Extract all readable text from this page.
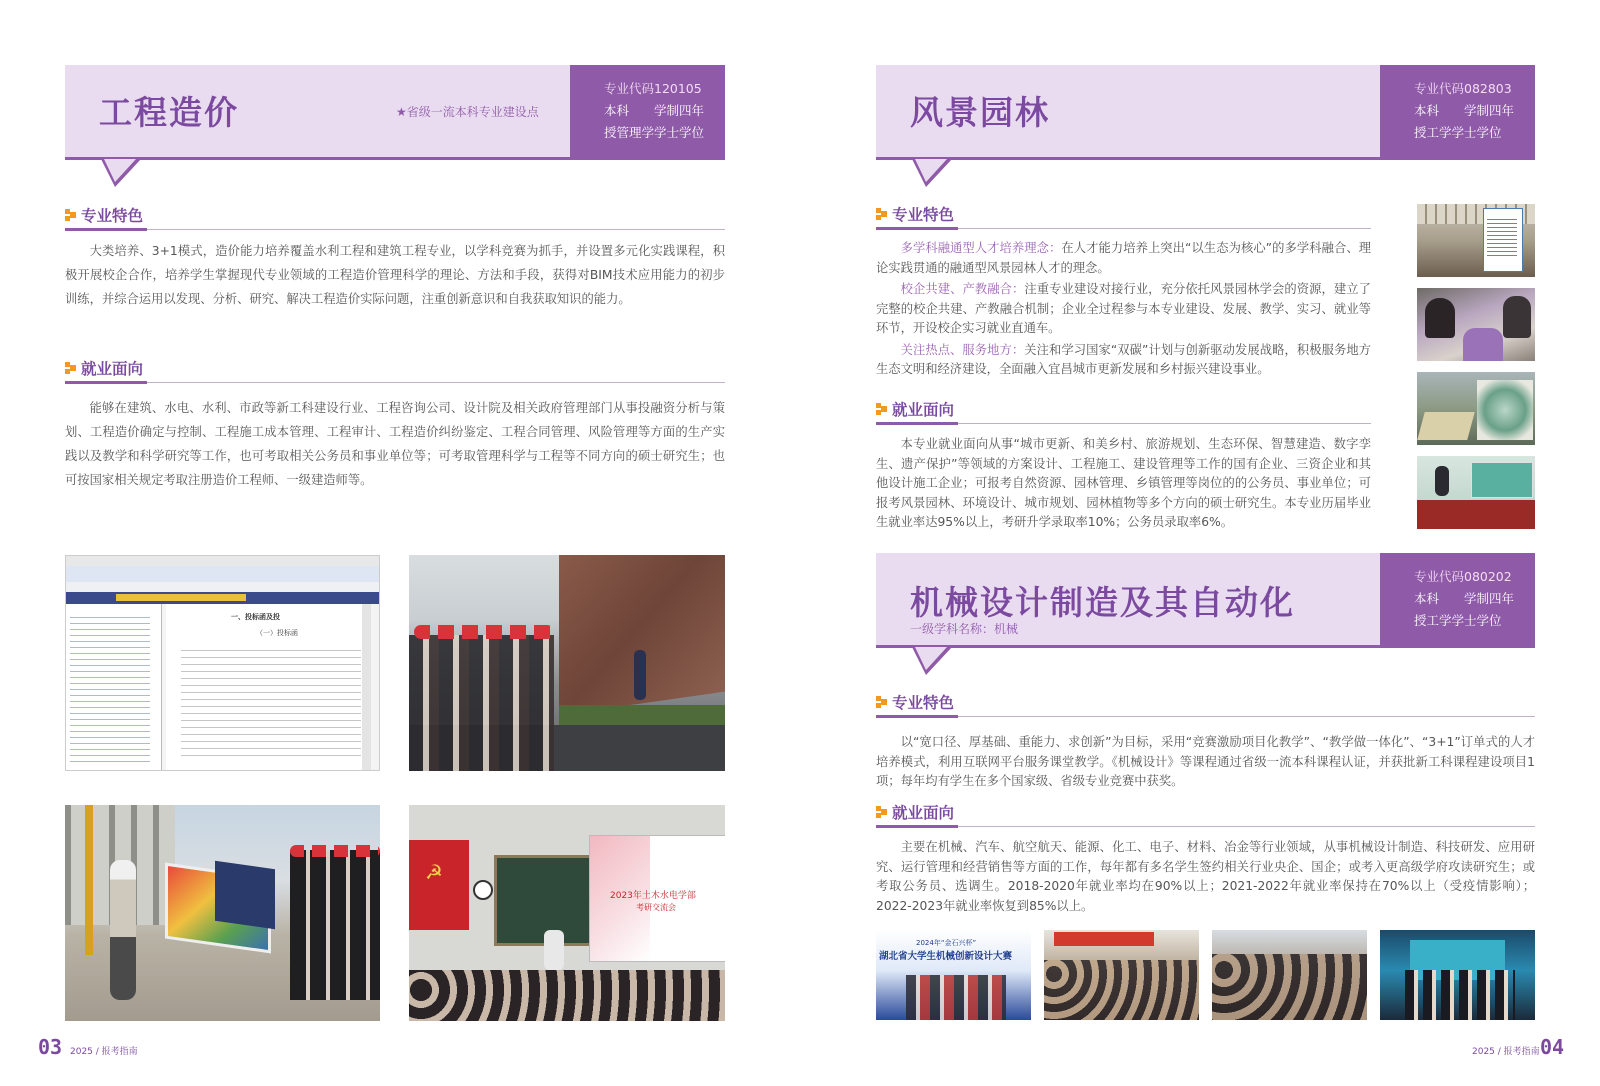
工程造价	★省级一流本科专业建设点
专业代码120105
本科　　学制四年
授管理学学士学位
专业特色

大类培养、3+1模式，造价能力培养覆盖水利工程和建筑工程专业，以学科竞赛为抓手，并设置多元化实践课程，积极开展校企合作，培养学生掌握现代专业领域的工程造价管理科学的理论、方法和手段，获得对BIM技术应用能力的初步训练，并综合运用以发现、分析、研究、解决工程造价实际问题，注重创新意识和自我获取知识的能力。

就业面向

能够在建筑、水电、水利、市政等新工科建设行业、工程咨询公司、设计院及相关政府管理部门从事投融资分析与策划、工程造价确定与控制、工程施工成本管理、工程审计、工程造价纠纷鉴定、工程合同管理、风险管理等方面的生产实践以及教学和科学研究等工作，也可考取相关公务员和事业单位等；可考取管理科学与工程等不同方向的硕士研究生；也可按国家相关规定考取注册造价工程师、一级建造师等。

一、投标函及投
（一）投标函
☭
2023年土木水电学部
考研交流会
03 2025 / 报考指南
风景园林
专业代码082803
本科　　学制四年
授工学学士学位
专业特色

多学科融通型人才培养理念：在人才能力培养上突出“以生态为核心”的多学科融合、理论实践贯通的融通型风景园林人才的理念。

校企共建、产教融合：注重专业建设对接行业，充分依托风景园林学会的资源，建立了完整的校企共建、产教融合机制；企业全过程参与本专业建设、发展、教学、实习、就业等环节，开设校企实习就业直通车。

关注热点、服务地方：关注和学习国家“双碳”计划与创新驱动发展战略，积极服务地方生态文明和经济建设，全面融入宜昌城市更新发展和乡村振兴建设事业。

就业面向

本专业就业面向从事“城市更新、和美乡村、旅游规划、生态环保、智慧建造、数字孪生、遗产保护”等领域的方案设计、工程施工、建设管理等工作的国有企业、三资企业和其他设计施工企业；可报考自然资源、园林管理、乡镇管理等岗位的的公务员、事业单位；可报考风景园林、环境设计、城市规划、园林植物等多个方向的硕士研究生。本专业历届毕业生就业率达95%以上，考研升学录取率10%；公务员录取率6%。

机械设计制造及其自动化
一级学科名称：机械
专业代码080202
本科　　学制四年
授工学学士学位
专业特色

以“宽口径、厚基础、重能力、求创新”为目标，采用“竞赛激励项目化教学”、“教学做一体化”、“3+1”订单式的人才培养模式，利用互联网平台服务课堂教学。《机械设计》等课程通过省级一流本科课程认证，并获批新工科课程建设项目1项；每年均有学生在多个国家级、省级专业竞赛中获奖。

就业面向

主要在机械、汽车、航空航天、能源、化工、电子、材料、冶金等行业领域，从事机械设计制造、科技研发、应用研究、运行管理和经营销售等方面的工作，每年都有多名学生签约相关行业央企、国企；或考入更高级学府攻读研究生；或考取公务员、选调生。2018-2020年就业率均在90%以上；2021-2022年就业率保持在70%以上（受疫情影响）；2022-2023年就业率恢复到85%以上。

2024年“金石兴杯”
湖北省大学生机械创新设计大赛
04
2025 / 报考指南
